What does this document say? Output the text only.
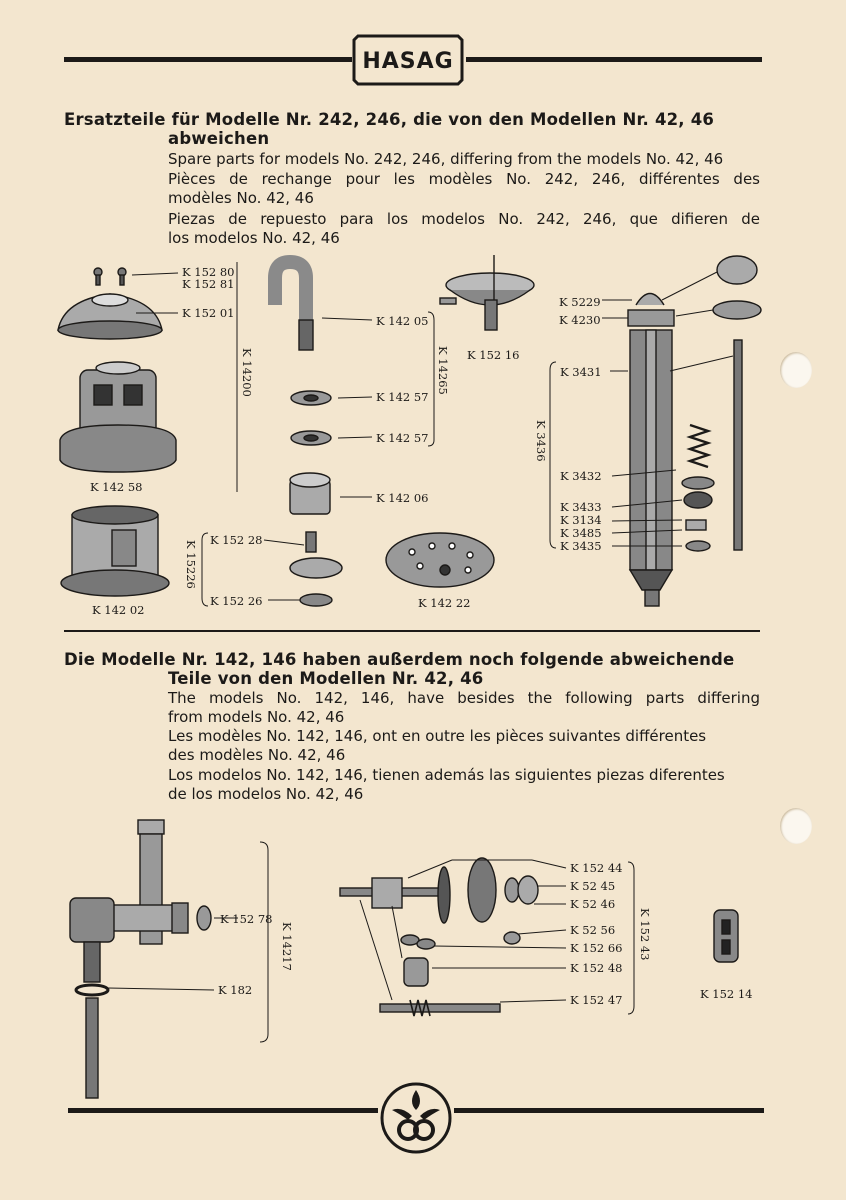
HASAG
Ersatzteile für Modelle Nr. 242, 246, die von den Modellen Nr. 42, 46
abweichen
Spare parts for models No. 242, 246, differing from the models No. 42, 46
Pièces de rechange pour les modèles No. 242, 246, différentes des
modèles No. 42, 46
Piezas de repuesto para los modelos No. 242, 246, que difieren de
los modelos No. 42, 46
K 152 80
K 152 81
K 152 01
K 142 58
K 142 02
K 14200
K 142 05
K 142 57
K 142 57
K 14265
K 142 06
K 15226 K 152 28
K 152 26	K 142 22
K 152 16
K 5229
K 4230
K 3431
K 3436
K 3432
K 3433
K 3134
K 3485
K 3435
Die Modelle Nr. 142, 146 haben außerdem noch folgende abweichende
Teile von den Modellen Nr. 42, 46
The models No. 142, 146, have besides the following parts differing
from models No. 42, 46
Les modèles No. 142, 146, ont en outre les pièces suivantes différentes
des modèles No. 42, 46
Los modelos No. 142, 146, tienen además las siguientes piezas diferentes
de los modelos No. 42, 46
K 152 78
K 182
K 14217
K 152 44
K 52 45
K 52 46
K 52 56
K 152 66
K 152 48
K 152 47
K 152 43
K 152 14
